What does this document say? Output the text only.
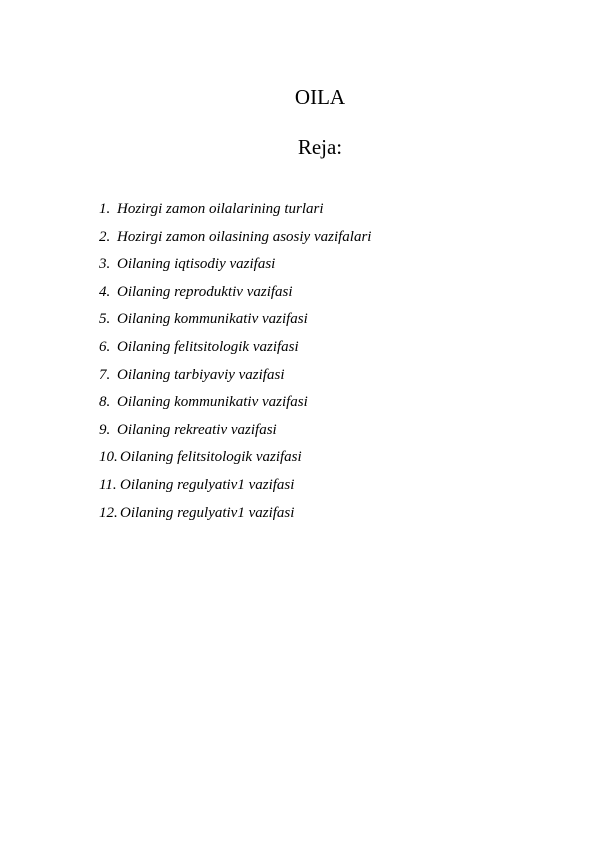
OILA
Reja:
1. Hozirgi zamon oilalarining turlari
2. Hozirgi zamon oilasining asosiy vazifalari
3. Oilaning iqtisodiy vazifasi
4. Oilaning reproduktiv vazifasi
5. Oilaning kommunikativ vazifasi
6. Oilaning felitsitologik vazifasi
7. Oilaning tarbiyaviy vazifasi
8. Oilaning kommunikativ vazifasi
9. Oilaning rekreativ vazifasi
10. Oilaning felitsitologik vazifasi
11. Oilaning regulyativ1 vazifasi
12. Oilaning regulyativ1 vazifasi
